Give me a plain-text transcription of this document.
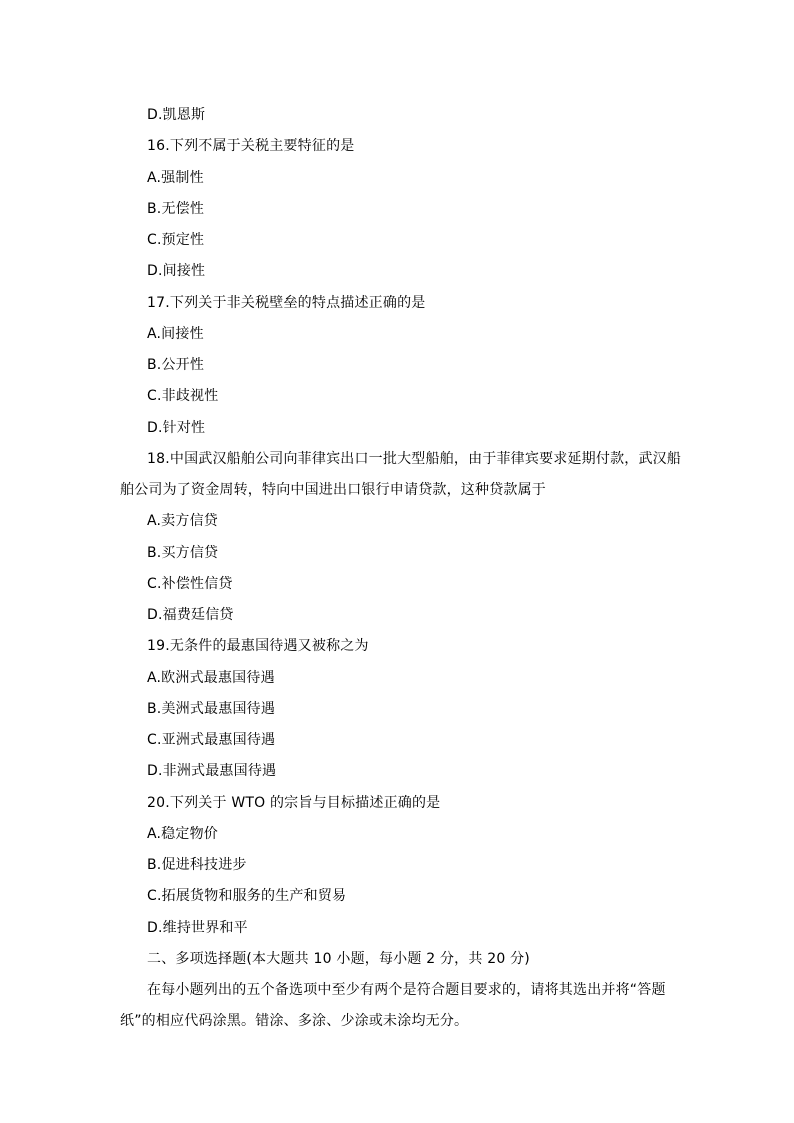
D.凯恩斯
16.下列不属于关税主要特征的是
A.强制性
B.无偿性
C.预定性
D.间接性
17.下列关于非关税壁垒的特点描述正确的是
A.间接性
B.公开性
C.非歧视性
D.针对性
18.中国武汉船舶公司向菲律宾出口一批大型船舶，由于菲律宾要求延期付款，武汉船
舶公司为了资金周转，特向中国进出口银行申请贷款，这种贷款属于
A.卖方信贷
B.买方信贷
C.补偿性信贷
D.福费廷信贷
19.无条件的最惠国待遇又被称之为
A.欧洲式最惠国待遇
B.美洲式最惠国待遇
C.亚洲式最惠国待遇
D.非洲式最惠国待遇
20.下列关于 WTO 的宗旨与目标描述正确的是
A.稳定物价
B.促进科技进步
C.拓展货物和服务的生产和贸易
D.维持世界和平
二、多项选择题(本大题共 10 小题，每小题 2 分，共 20 分)
在每小题列出的五个备选项中至少有两个是符合题目要求的，请将其选出并将“答题
纸”的相应代码涂黑。错涂、多涂、少涂或未涂均无分。
